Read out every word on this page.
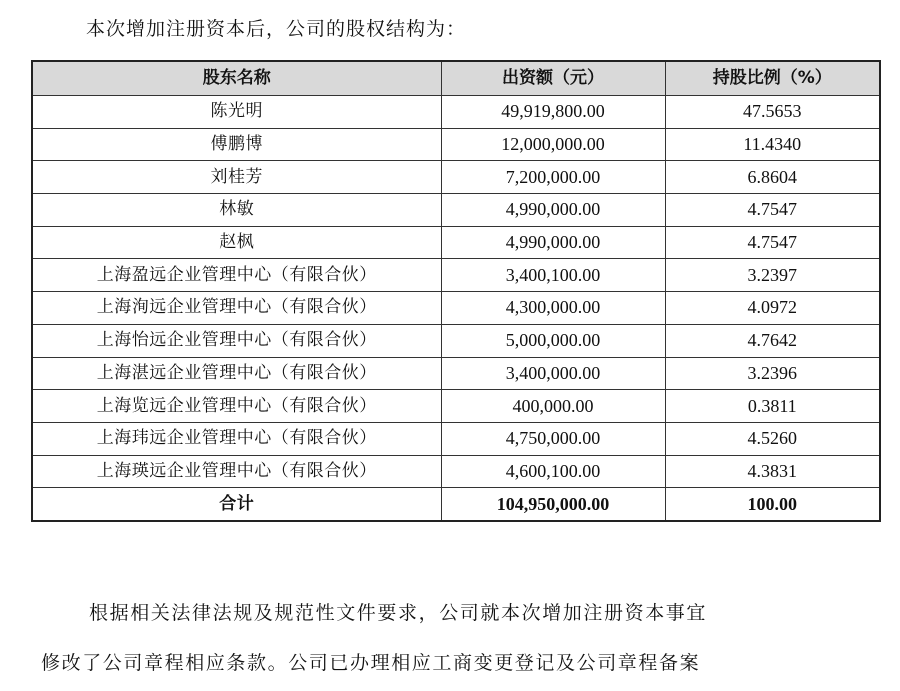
本次增加注册资本后，公司的股权结构为：
股东名称	出资额（元）	持股比例（%）
陈光明	49,919,800.00	47.5653
傅鹏博	12,000,000.00	11.4340
刘桂芳	7,200,000.00	6.8604
林敏	4,990,000.00	4.7547
赵枫	4,990,000.00	4.7547
上海盈远企业管理中心（有限合伙）	3,400,100.00	3.2397
上海洵远企业管理中心（有限合伙）	4,300,000.00	4.0972
上海怡远企业管理中心（有限合伙）	5,000,000.00	4.7642
上海湛远企业管理中心（有限合伙）	3,400,000.00	3.2396
上海览远企业管理中心（有限合伙）	400,000.00	0.3811
上海玮远企业管理中心（有限合伙）	4,750,000.00	4.5260
上海瑛远企业管理中心（有限合伙）	4,600,100.00	4.3831
合计	104,950,000.00	100.00
根据相关法律法规及规范性文件要求，公司就本次增加注册资本事宜
修改了公司章程相应条款。公司已办理相应工商变更登记及公司章程备案
